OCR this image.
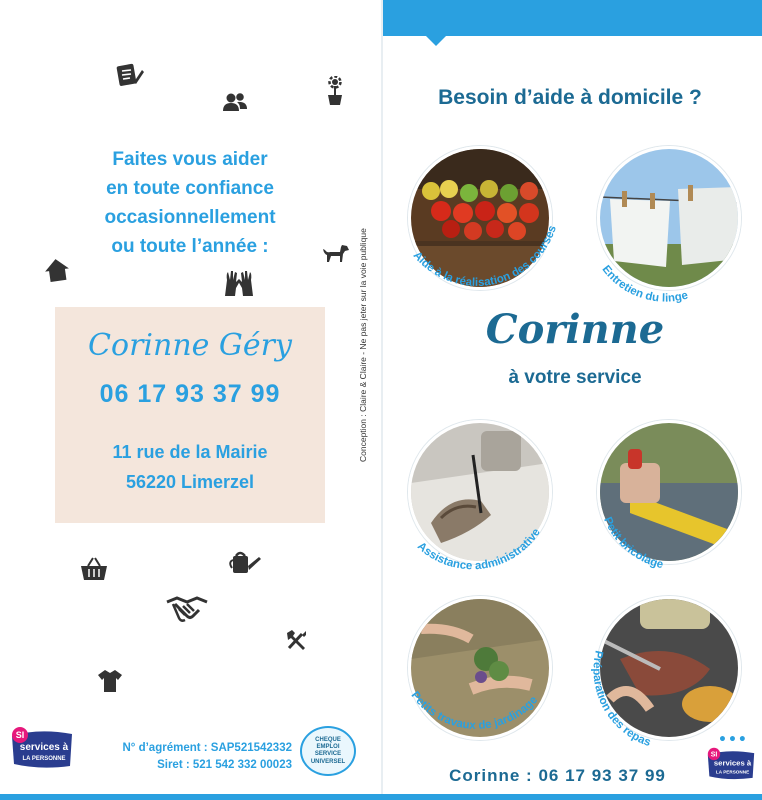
Faites vous aider
en toute confiance
occasionnellement
ou toute l’année :
Corinne Géry
06 17 93 37 99
11 rue de la Mairie
56220 Limerzel
SI
services à
LA PERSONNE
N° d’agrément : SAP521542332
Siret : 521 542 332 00023
CHEQUE
EMPLOI
SERVICE
UNIVERSEL
Conception : Claire & Claire - Ne pas jeter sur la voie publique
Besoin d’aide à domicile ?
Aide à la réalisation des courses
Entretien du linge
Assistance administrative
Petit bricolage
Petits travaux de jardinage
Préparation des repas
Corinne
à votre service
•••
Corinne : 06 17 93 37 99
SI
services à
LA PERSONNE
